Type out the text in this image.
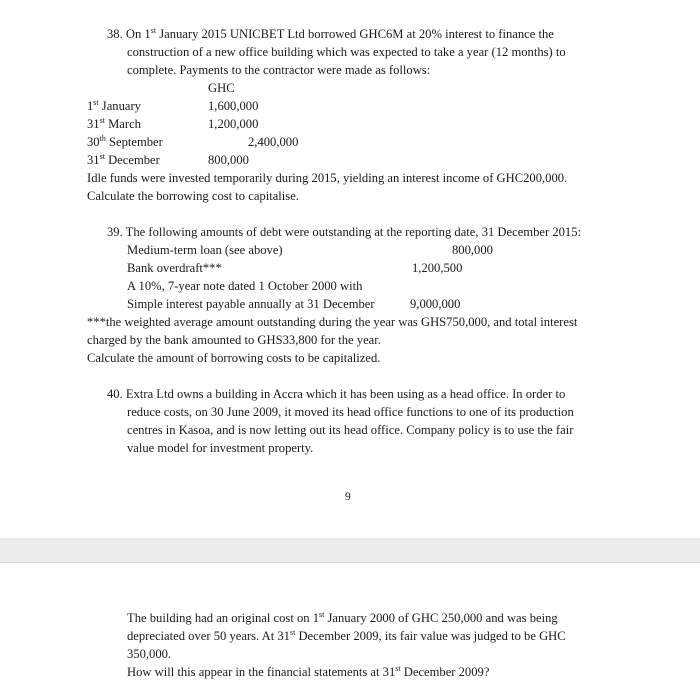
38. On 1st January 2015 UNICBET Ltd borrowed GHC6M at 20% interest to finance the
construction of a new office building which was expected to take a year (12 months) to
complete. Payments to the contractor were made as follows:
GHC
1st January	1,600,000
31st March	1,200,000
30th September	2,400,000
31st December	800,000
Idle funds were invested temporarily during 2015, yielding an interest income of GHC200,000.
Calculate the borrowing cost to capitalise.
39. The following amounts of debt were outstanding at the reporting date, 31 December 2015:
Medium-term loan (see above)	800,000
Bank overdraft***	1,200,500
A 10%, 7-year note dated 1 October 2000 with
Simple interest payable annually at 31 December	9,000,000
***the weighted average amount outstanding during the year was GHS750,000, and total interest
charged by the bank amounted to GHS33,800 for the year.
Calculate the amount of borrowing costs to be capitalized.
40. Extra Ltd owns a building in Accra which it has been using as a head office. In order to
reduce costs, on 30 June 2009, it moved its head office functions to one of its production
centres in Kasoa, and is now letting out its head office. Company policy is to use the fair
value model for investment property.
9
The building had an original cost on 1st January 2000 of GHC 250,000 and was being
depreciated over 50 years. At 31st December 2009, its fair value was judged to be GHC
350,000.
How will this appear in the financial statements at 31st December 2009?
